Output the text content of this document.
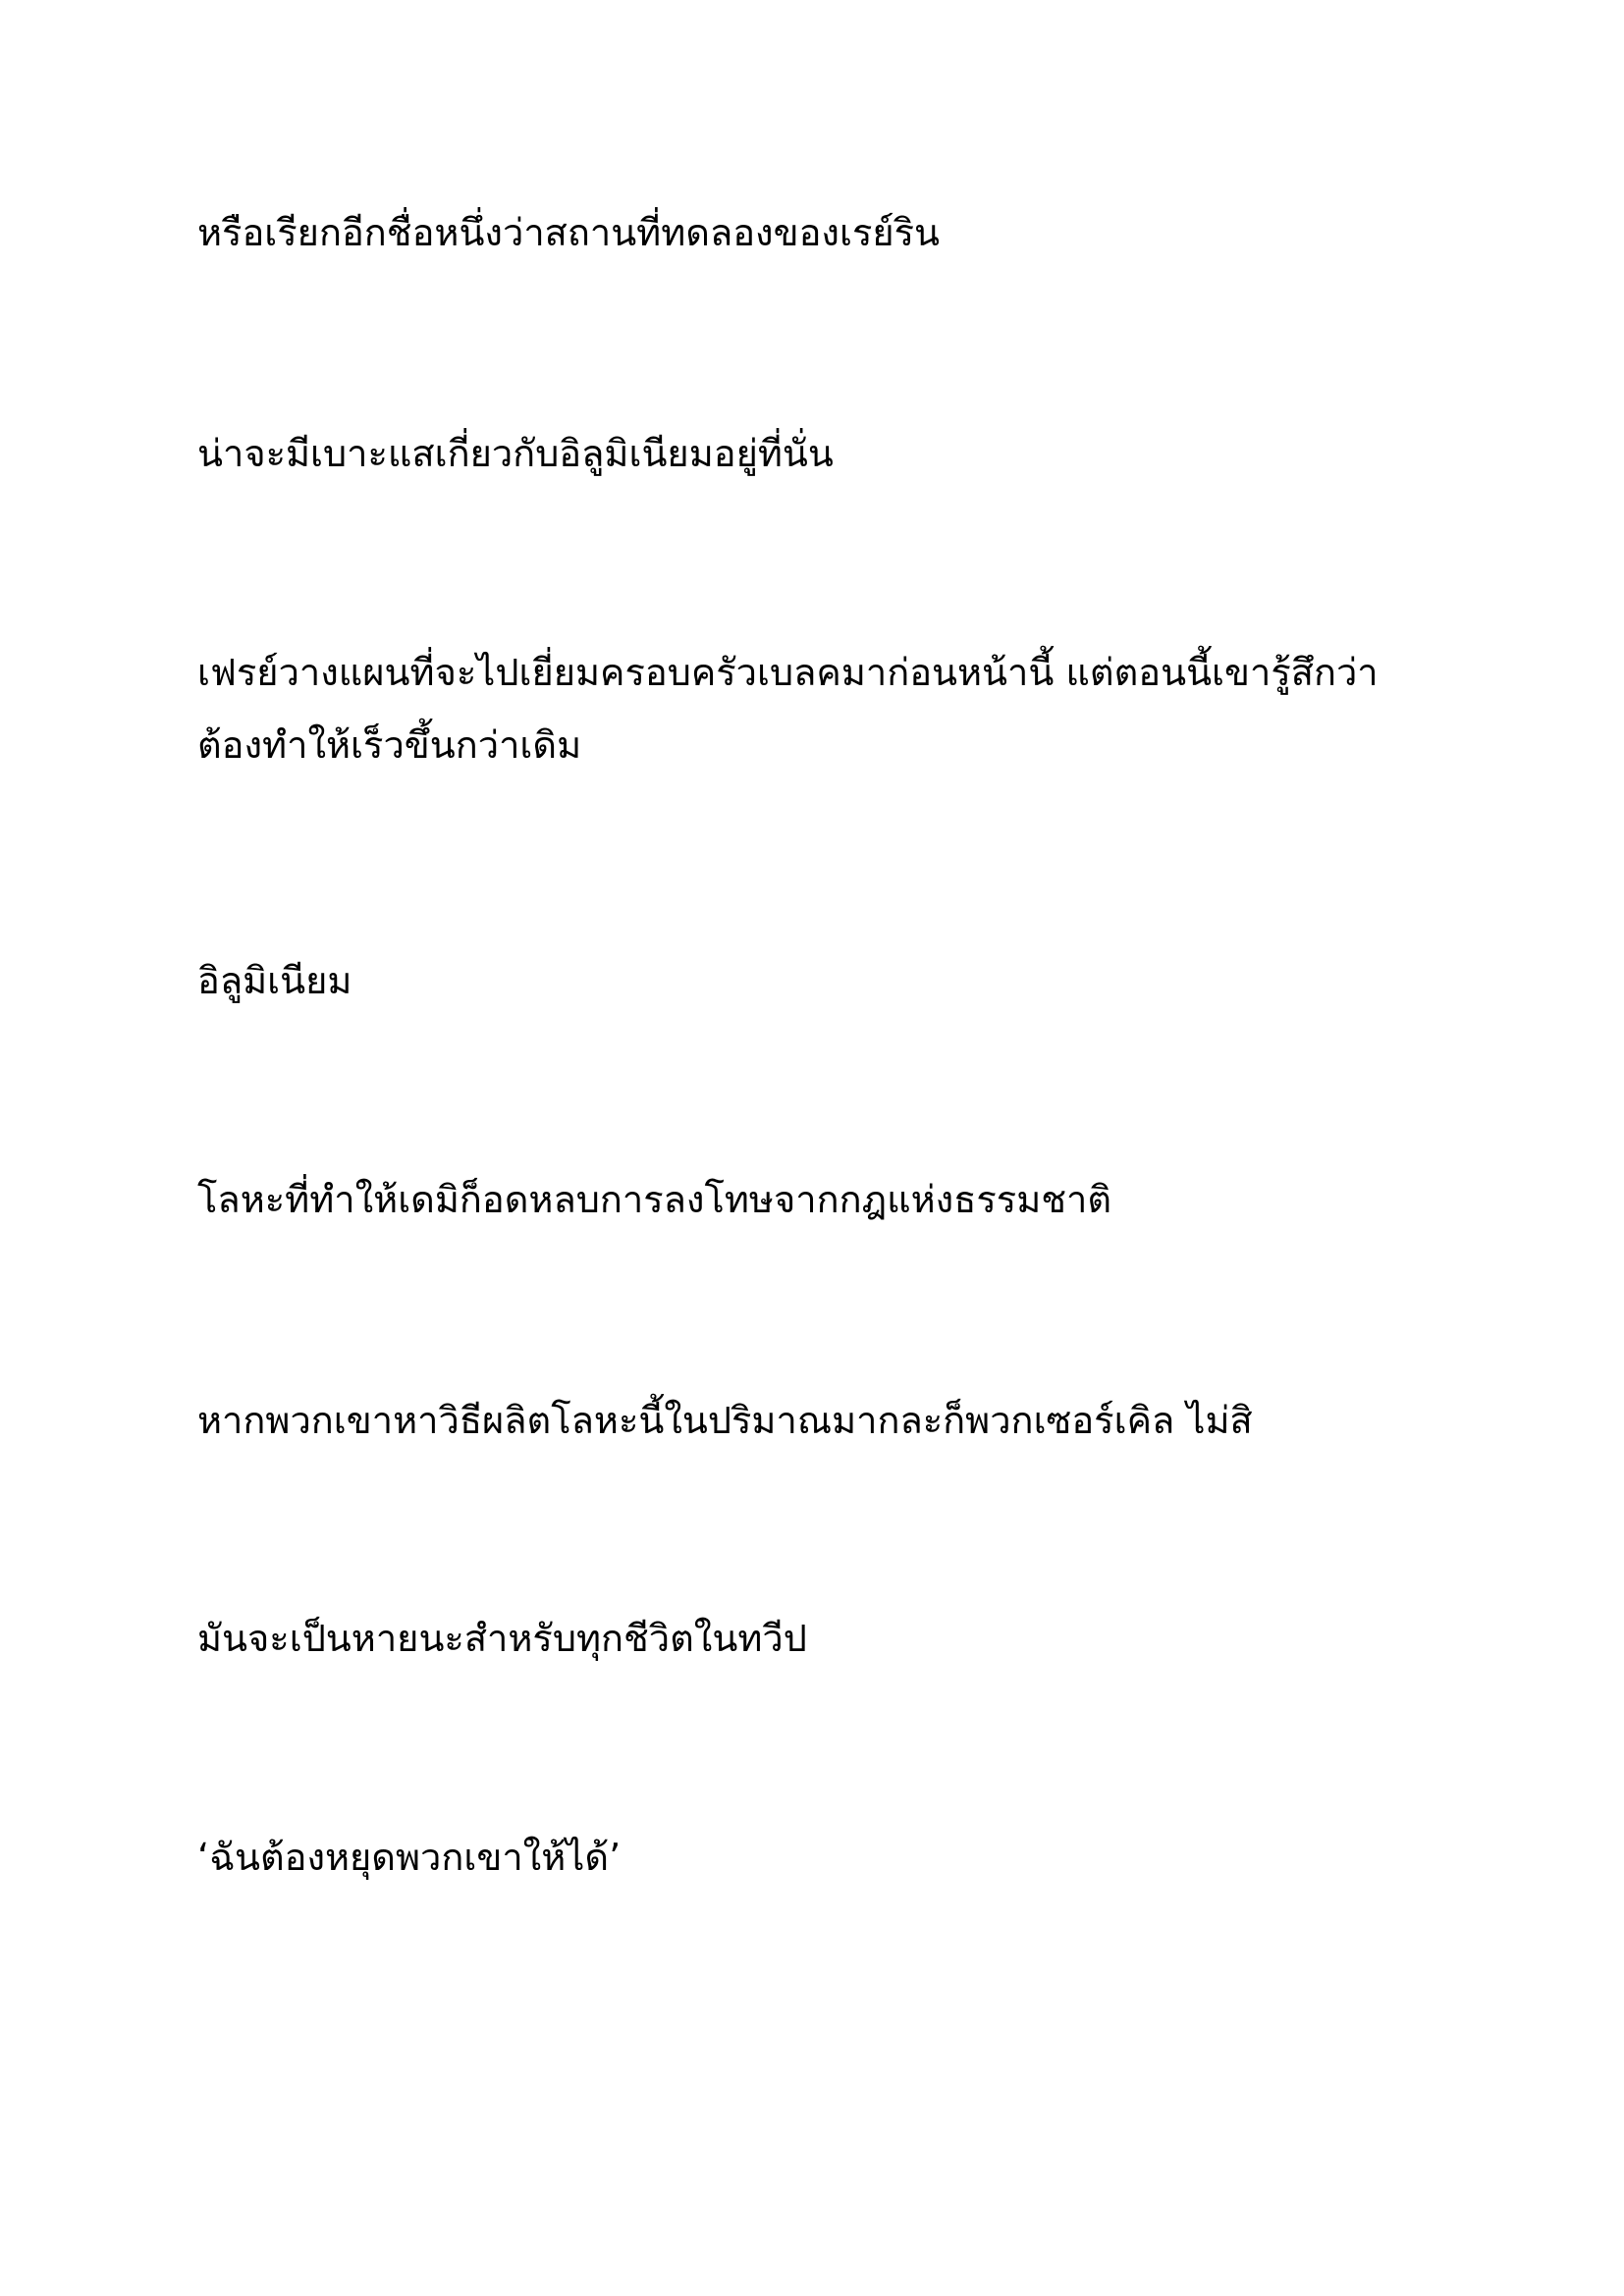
หรือเรียกอีกชื่อหนึ่งว่าสถานที่ทดลองของเรย์ริน

น่าจะมีเบาะแสเกี่ยวกับอิลูมิเนียมอยู่ที่นั่น

เฟรย์วางแผนที่จะไปเยี่ยมครอบครัวเบลคมาก่อนหน้านี้ แต่ตอนนี้เขารู้สึกว่าต้องทำให้เร็วขึ้นกว่าเดิม

อิลูมิเนียม

โลหะที่ทำให้เดมิก็อดหลบการลงโทษจากกฎแห่งธรรมชาติ

หากพวกเขาหาวิธีผลิตโลหะนี้ในปริมาณมากละก็พวกเซอร์เคิล ไม่สิ

มันจะเป็นหายนะสำหรับทุกชีวิตในทวีป

‘ฉันต้องหยุดพวกเขาให้ได้’
